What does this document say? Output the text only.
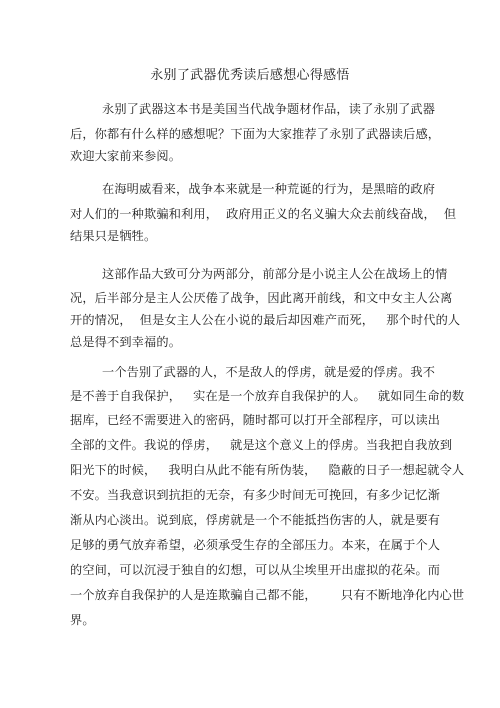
永别了武器优秀读后感想心得感悟
永别了武器这本书是美国当代战争题材作品，读了永别了武器
后，你都有什么样的感想呢？下面为大家推荐了永别了武器读后感，
欢迎大家前来参阅。
在海明威看来，战争本来就是一种荒诞的行为，是黑暗的政府
对人们的一种欺骗和利用，  政府用正义的名义骗大众去前线奋战，  但
结果只是牺牲。
这部作品大致可分为两部分，前部分是小说主人公在战场上的情
况，后半部分是主人公厌倦了战争，因此离开前线，和文中女主人公离
开的情况，  但是女主人公在小说的最后却因难产而死，   那个时代的人
总是得不到幸福的。
一个告别了武器的人，不是敌人的俘虏，就是爱的俘虏。我不
是不善于自我保护，   实在是一个放弃自我保护的人。   就如同生命的数
据库，已经不需要进入的密码，随时都可以打开全部程序，可以读出
全部的文件。我说的俘虏，   就是这个意义上的俘虏。当我把自我放到
阳光下的时候，   我明白从此不能有所伪装，   隐蔽的日子一想起就令人
不安。当我意识到抗拒的无奈，有多少时间无可挽回，有多少记忆渐
渐从内心淡出。说到底，俘虏就是一个不能抵挡伤害的人，就是要有
足够的勇气放弃希望，必须承受生存的全部压力。本来，在属于个人
的空间，可以沉浸于独自的幻想，可以从尘埃里开出虚拟的花朵。而
一个放弃自我保护的人是连欺骗自己都不能，      只有不断地净化内心世
界。
